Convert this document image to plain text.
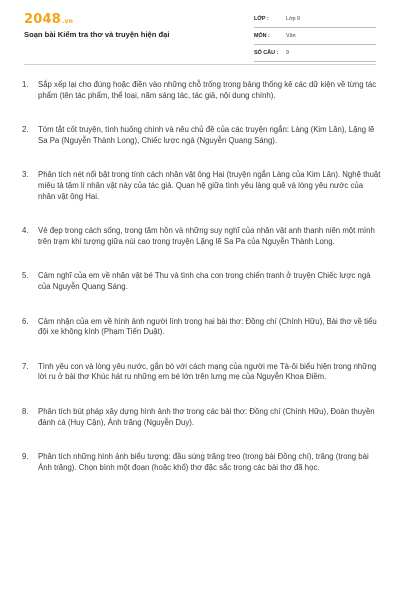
2048.vn
Soạn bài Kiểm tra thơ và truyện hiện đại
LỚP :	Lớp 9
MÔN :	Văn
SỐ CÂU : 9
1. Sắp xếp lại cho đúng hoặc điền vào những chỗ trống trong bảng thống kê các dữ kiện về từng tác phẩm (tên tác phẩm, thể loại, năm sáng tác, tác giả, nội dung chính).
2. Tóm tắt cốt truyện, tình huống chính và nêu chủ đề của các truyện ngắn: Làng (Kim Lân), Lặng lẽ Sa Pa (Nguyễn Thành Long), Chiếc lược ngà (Nguyễn Quang Sáng).
3. Phân tích nét nổi bật trong tính cách nhân vật ông Hai (truyện ngắn Làng của Kim Lân). Nghệ thuật miêu tả tâm lí nhân vật này của tác giả. Quan hệ giữa tình yêu làng quê và lòng yêu nước của nhân vật ông Hai.
4. Vẻ đẹp trong cách sống, trong tâm hồn và những suy nghĩ của nhân vật anh thanh niên một mình trên trạm khí tượng giữa núi cao trong truyện Lặng lẽ Sa Pa của Nguyễn Thành Long.
5. Cảm nghĩ của em về nhân vật bé Thu và tình cha con trong chiến tranh ở truyện Chiếc lược ngà của Nguyễn Quang Sáng.
6. Cảm nhận của em về hình ảnh người lính trong hai bài thơ: Đồng chí (Chính Hữu), Bài thơ về tiểu đội xe không kính (Phạm Tiến Duật).
7. Tình yêu con và lòng yêu nước, gắn bó với cách mạng của người mẹ Tà-ôi biểu hiện trong những lời ru ở bài thơ Khúc hát ru những em bé lớn trên lưng mẹ của Nguyễn Khoa Điềm.
8. Phân tích bút pháp xây dựng hình ảnh thơ trong các bài thơ: Đồng chí (Chính Hữu), Đoàn thuyền đánh cá (Huy Cận), Ánh trăng (Nguyễn Duy).
9. Phân tích những hình ảnh biểu tượng: đầu súng trăng treo (trong bài Đồng chí), trăng (trong bài Ánh trăng). Chọn bình một đoạn (hoặc khổ) thơ đặc sắc trong các bài thơ đã học.
